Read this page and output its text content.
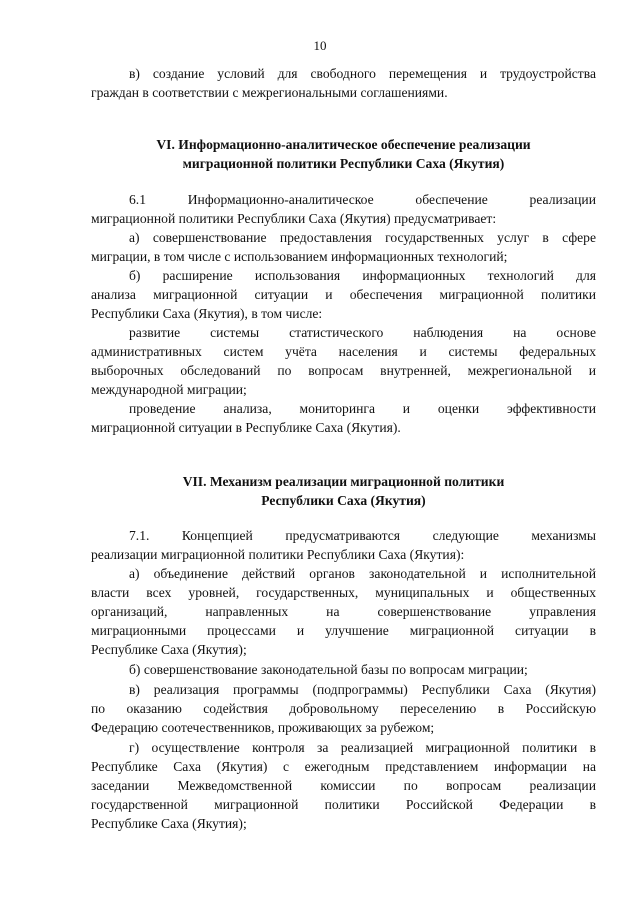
10
в) создание условий для свободного перемещения и трудоустройства
граждан в соответствии с межрегиональными соглашениями.
VI. Информационно-аналитическое обеспечение реализации
миграционной политики Республики Саха (Якутия)
6.1 Информационно-аналитическое обеспечение реализации
миграционной политики Республики Саха (Якутия) предусматривает:
а) совершенствование предоставления государственных услуг в сфере
миграции, в том числе с использованием информационных технологий;
б) расширение использования информационных технологий для
анализа миграционной ситуации и обеспечения миграционной политики
Республики Саха (Якутия), в том числе:
развитие системы статистического наблюдения на основе
административных систем учёта населения и системы федеральных
выборочных обследований по вопросам внутренней, межрегиональной и
международной миграции;
проведение анализа, мониторинга и оценки эффективности
миграционной ситуации в Республике Саха (Якутия).
VII. Механизм реализации миграционной политики
Республики Саха (Якутия)
7.1. Концепцией предусматриваются следующие механизмы
реализации миграционной политики Республики Саха (Якутия):
а) объединение действий органов законодательной и исполнительной
власти всех уровней, государственных, муниципальных и общественных
организаций, направленных на совершенствование управления
миграционными процессами и улучшение миграционной ситуации в
Республике Саха (Якутия);
б) совершенствование законодательной базы по вопросам миграции;
в) реализация программы (подпрограммы) Республики Саха (Якутия)
по оказанию содействия добровольному переселению в Российскую
Федерацию соотечественников, проживающих за рубежом;
г) осуществление контроля за реализацией миграционной политики в
Республике Саха (Якутия) с ежегодным представлением информации на
заседании Межведомственной комиссии по вопросам реализации
государственной миграционной политики Российской Федерации в
Республике Саха (Якутия);
